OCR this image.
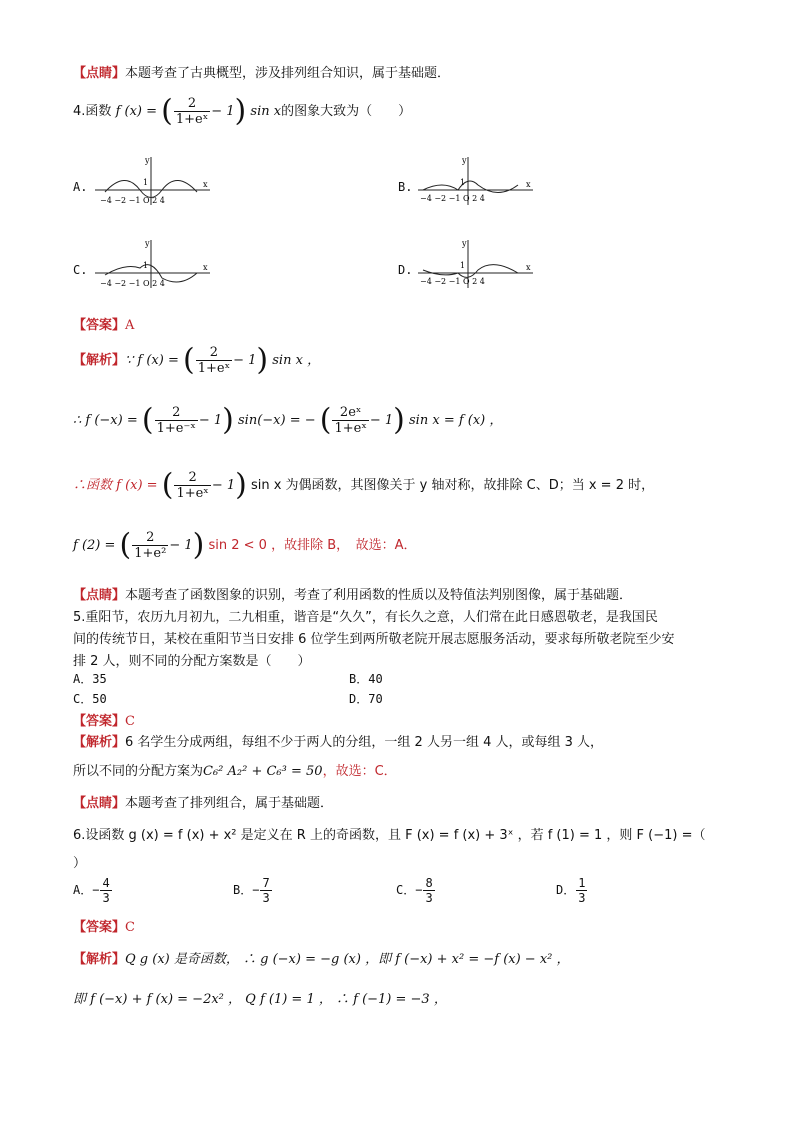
【点睛】本题考查了古典概型，涉及排列组合知识，属于基础题．
4.函数 f (x) = ( $\frac{2}{\text{1+eˣ}} - 1$) sin x的图象大致为（　　）
A.
y
1	x
−4 −2 −1 O 2 4
B.
y
1	x
−4 −2 −1 O 2 4
C.
y
1	x
−4 −2 −1 O 2 4
D.
y
1	x
−4 −2 −1 O 2 4
【答案】A
【解析】∵ f (x) = ( $\frac{2}{\text{1+eˣ}} - 1$) sin x ，
∴ f (−x) = ( $\frac{2}{\text{1+e⁻ˣ}} - 1$) sin(−x) = − ( $\frac{\text{2eˣ}}{\text{1+eˣ}} - 1$) sin x = f (x) ，
∴函数 f (x) = ( $\frac{2}{\text{1+eˣ}} - 1$) sin x 为偶函数，其图像关于 y 轴对称，故排除 C、D；当 x = 2 时，
f (2) = ( $\frac{2}{\text{1+e²}} - 1$) sin 2 < 0 ，故排除 B，　故选：A．
【点睛】本题考查了函数图象的识别，考查了利用函数的性质以及特值法判别图像，属于基础题．
5.重阳节，农历九月初九，二九相重，谐音是“久久”，有长久之意，人们常在此日感恩敬老，是我国民
间的传统节日，某校在重阳节当日安排 6 位学生到两所敬老院开展志愿服务活动，要求每所敬老院至少安
排 2 人，则不同的分配方案数是（　　）
A．35	B．40
C．50	D．70
【答案】C
【解析】6 名学生分成两组，每组不少于两人的分组，一组 2 人另一组 4 人，或每组 3 人，
所以不同的分配方案为C₆² A₂² + C₆³ = 50，故选：C．
【点睛】本题考查了排列组合，属于基础题．
6.设函数 g (x) = f (x) + x² 是定义在 R 上的奇函数，且 F (x) = f (x) + 3ˣ ，若 f (1) = 1 ，则 F (−1) =（
）
A．− $\frac{4}{3}$	B．− $\frac{7}{3}$	C．− $\frac{8}{3}$	D． $\frac{1}{3}$
【答案】C
【解析】Q g (x) 是奇函数， ∴ g (−x) = −g (x) ，即 f (−x) + x² = −f (x) − x² ，
即 f (−x) + f (x) = −2x² ， Q f (1) = 1 ， ∴ f (−1) = −3 ，
